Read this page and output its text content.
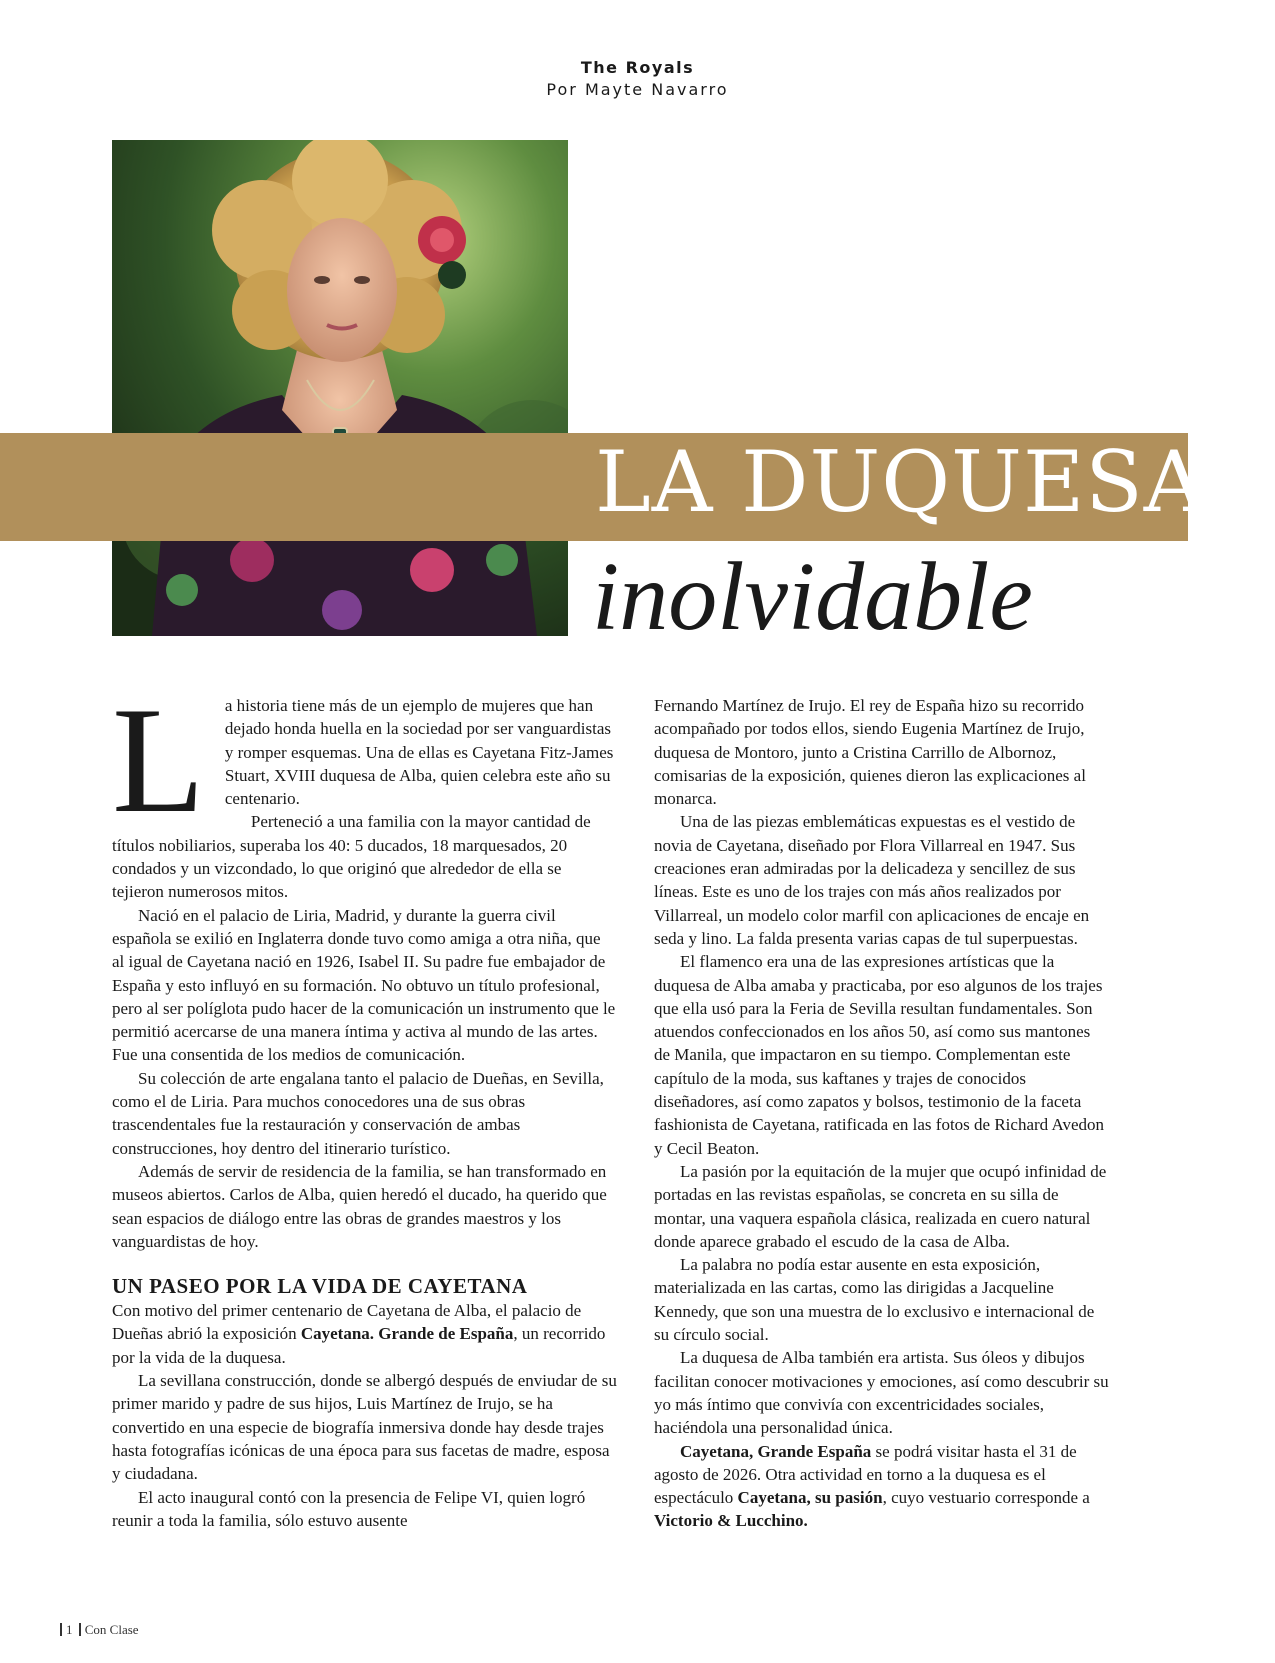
The Royals
Por Mayte Navarro
LA DUQUESA
inolvidable

L a historia tiene más de un ejemplo de mujeres que han dejado honda huella en la sociedad por ser vanguardistas y romper esquemas. Una de ellas es Cayetana Fitz-James Stuart, XVIII duquesa de Alba, quien celebra este año su centenario.

Perteneció a una familia con la mayor cantidad de títulos nobiliarios, superaba los 40: 5 ducados, 18 marquesados, 20 condados y un vizcondado, lo que originó que alrededor de ella se tejieron numerosos mitos.

Nació en el palacio de Liria, Madrid, y durante la guerra civil española se exilió en Inglaterra donde tuvo como amiga a otra niña, que al igual de Cayetana nació en 1926, Isabel II. Su padre fue embajador de España y esto influyó en su formación. No obtuvo un título profesional, pero al ser políglota pudo hacer de la comunicación un instrumento que le permitió acercarse de una manera íntima y activa al mundo de las artes. Fue una consentida de los medios de comunicación.

Su colección de arte engalana tanto el palacio de Dueñas, en Sevilla, como el de Liria. Para muchos conocedores una de sus obras trascendentales fue la restauración y conservación de ambas construcciones, hoy dentro del itinerario turístico.

Además de servir de residencia de la familia, se han transformado en museos abiertos. Carlos de Alba, quien heredó el ducado, ha querido que sean espacios de diálogo entre las obras de grandes maestros y los vanguardistas de hoy.

UN PASEO POR LA VIDA DE CAYETANA

Con motivo del primer centenario de Cayetana de Alba, el palacio de Dueñas abrió la exposición Cayetana. Grande de España, un recorrido por la vida de la duquesa.

La sevillana construcción, donde se albergó después de enviudar de su primer marido y padre de sus hijos, Luis Martínez de Irujo, se ha convertido en una especie de biografía inmersiva donde hay desde trajes hasta fotografías icónicas de una época para sus facetas de madre, esposa y ciudadana.

El acto inaugural contó con la presencia de Felipe VI, quien logró reunir a toda la familia, sólo estuvo ausente

Fernando Martínez de Irujo. El rey de España hizo su recorrido acompañado por todos ellos, siendo Eugenia Martínez de Irujo, duquesa de Montoro, junto a Cristina Carrillo de Albornoz, comisarias de la exposición, quienes dieron las explicaciones al monarca.

Una de las piezas emblemáticas expuestas es el vestido de novia de Cayetana, diseñado por Flora Villarreal en 1947. Sus creaciones eran admiradas por la delicadeza y sencillez de sus líneas. Este es uno de los trajes con más años realizados por Villarreal, un modelo color marfil con aplicaciones de encaje en seda y lino. La falda presenta varias capas de tul superpuestas.

El flamenco era una de las expresiones artísticas que la duquesa de Alba amaba y practicaba, por eso algunos de los trajes que ella usó para la Feria de Sevilla resultan fundamentales. Son atuendos confeccionados en los años 50, así como sus mantones de Manila, que impactaron en su tiempo. Complementan este capítulo de la moda, sus kaftanes y trajes de conocidos diseñadores, así como zapatos y bolsos, testimonio de la faceta fashionista de Cayetana, ratificada en las fotos de Richard Avedon y Cecil Beaton.

La pasión por la equitación de la mujer que ocupó infinidad de portadas en las revistas españolas, se concreta en su silla de montar, una vaquera española clásica, realizada en cuero natural donde aparece grabado el escudo de la casa de Alba.

La palabra no podía estar ausente en esta exposición, materializada en las cartas, como las dirigidas a Jacqueline Kennedy, que son una muestra de lo exclusivo e internacional de su círculo social.

La duquesa de Alba también era artista. Sus óleos y dibujos facilitan conocer motivaciones y emociones, así como descubrir su yo más íntimo que convivía con excentricidades sociales, haciéndola una personalidad única.

Cayetana, Grande España se podrá visitar hasta el 31 de agosto de 2026. Otra actividad en torno a la duquesa es el espectáculo Cayetana, su pasión, cuyo vestuario corresponde a Victorio & Lucchino.

1 Con Clase
